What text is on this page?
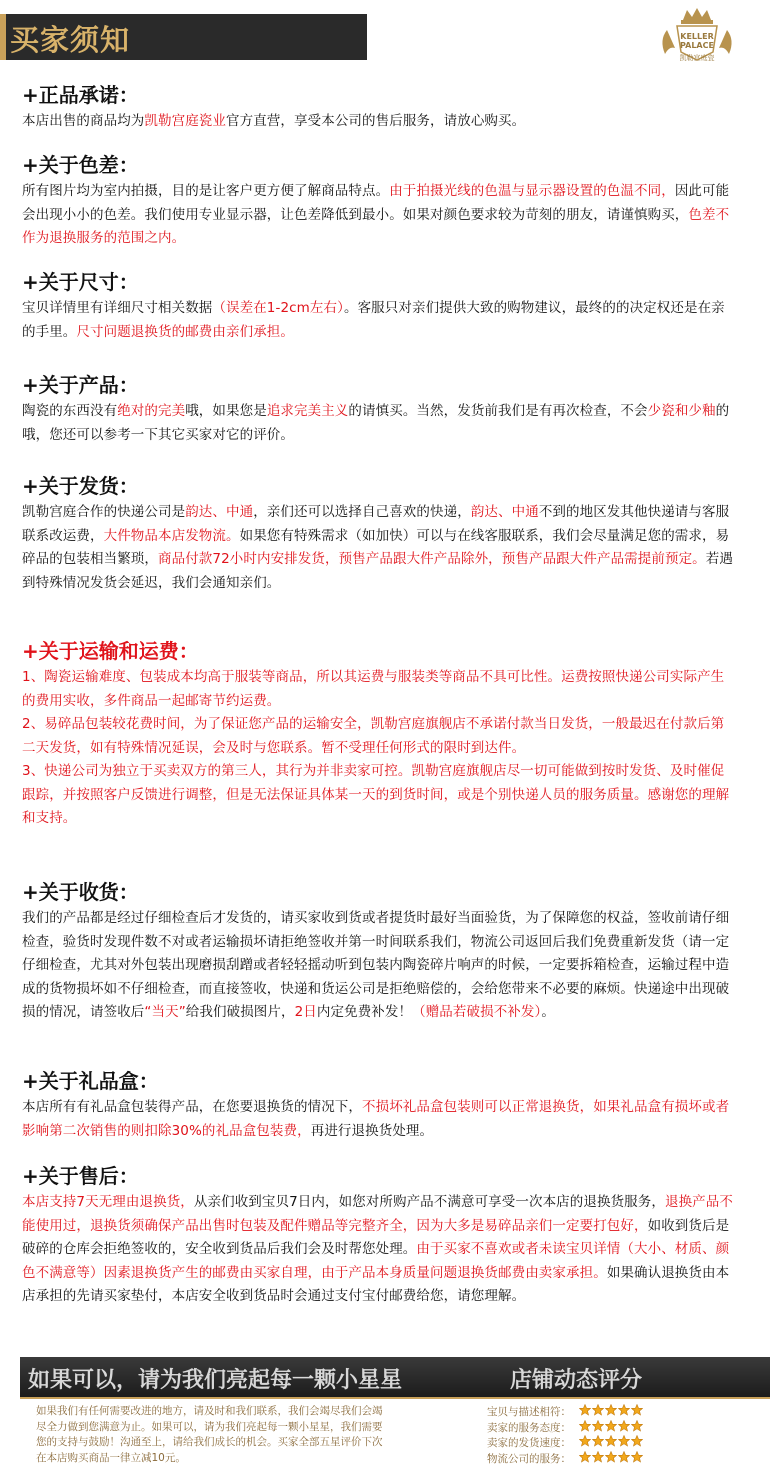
买家须知	KELLER PALACE
凯勒宫庭瓷
+正品承诺：
本店出售的商品均为凯勒宫庭瓷业官方直营，享受本公司的售后服务，请放心购买。
+关于色差：
所有图片均为室内拍摄，目的是让客户更方便了解商品特点。由于拍摄光线的色温与显示器设置的色温不同，因此可能会出现小小的色差。我们使用专业显示器，让色差降低到最小。如果对颜色要求较为苛刻的朋友，请谨慎购买，色差不作为退换服务的范围之内。
+关于尺寸：
宝贝详情里有详细尺寸相关数据（误差在1-2cm左右）。客服只对亲们提供大致的购物建议，最终的的决定权还是在亲的手里。尺寸问题退换货的邮费由亲们承担。
+关于产品：
陶瓷的东西没有绝对的完美哦，如果您是追求完美主义的请慎买。当然，发货前我们是有再次检查，不会少瓷和少釉的哦，您还可以参考一下其它买家对它的评价。
+关于发货：
凯勒宫庭合作的快递公司是韵达、中通，亲们还可以选择自己喜欢的快递，韵达、中通不到的地区发其他快递请与客服联系改运费，大件物品本店发物流。如果您有特殊需求（如加快）可以与在线客服联系，我们会尽量满足您的需求，易碎品的包装相当繁琐，商品付款72小时内安排发货，预售产品跟大件产品除外，预售产品跟大件产品需提前预定。若遇到特殊情况发货会延迟，我们会通知亲们。
+关于运输和运费：
1、陶瓷运输难度、包装成本均高于服装等商品，所以其运费与服装类等商品不具可比性。运费按照快递公司实际产生的费用实收，多件商品一起邮寄节约运费。
2、易碎品包装较花费时间，为了保证您产品的运输安全，凯勒宫庭旗舰店不承诺付款当日发货，一般最迟在付款后第二天发货，如有特殊情况延误，会及时与您联系。暂不受理任何形式的限时到达件。
3、快递公司为独立于买卖双方的第三人，其行为并非卖家可控。凯勒宫庭旗舰店尽一切可能做到按时发货、及时催促跟踪，并按照客户反馈进行调整，但是无法保证具体某一天的到货时间，或是个别快递人员的服务质量。感谢您的理解和支持。
+关于收货：
我们的产品都是经过仔细检查后才发货的，请买家收到货或者提货时最好当面验货，为了保障您的权益，签收前请仔细检查，验货时发现件数不对或者运输损坏请拒绝签收并第一时间联系我们，物流公司返回后我们免费重新发货（请一定仔细检查，尤其对外包装出现磨损刮蹭或者轻轻摇动听到包装内陶瓷碎片响声的时候，一定要拆箱检查，运输过程中造成的货物损坏如不仔细检查，而直接签收，快递和货运公司是拒绝赔偿的，会给您带来不必要的麻烦。快递途中出现破损的情况，请签收后“当天”给我们破损图片，2日内定免费补发！（赠品若破损不补发）。
+关于礼品盒：
本店所有有礼品盒包装得产品，在您要退换货的情况下，不损坏礼品盒包装则可以正常退换货，如果礼品盒有损坏或者影响第二次销售的则扣除30%的礼品盒包装费，再进行退换货处理。
+关于售后：
本店支持7天无理由退换货，从亲们收到宝贝7日内，如您对所购产品不满意可享受一次本店的退换货服务，退换产品不能使用过，退换货须确保产品出售时包装及配件赠品等完整齐全，因为大多是易碎品亲们一定要打包好，如收到货后是破碎的仓库会拒绝签收的，安全收到货品后我们会及时帮您处理。由于买家不喜欢或者未读宝贝详情（大小、材质、颜色不满意等）因素退换货产生的邮费由买家自理，由于产品本身质量问题退换货邮费由卖家承担。如果确认退换货由本店承担的先请买家垫付，本店安全收到货品时会通过支付宝付邮费给您，请您理解。
如果可以，请为我们亮起每一颗小星星	店铺动态评分
如果我们有任何需要改进的地方，请及时和我们联系，我们会竭尽我们会竭尽全力做到您满意为止。如果可以，请为我们亮起每一颗小星星，我们需要您的支持与鼓励！沟通至上，请给我们成长的机会。买家全部五星评价下次在本店购买商品一律立减10元。
宝贝与描述相符：
卖家的服务态度：
卖家的发货速度：
物流公司的服务：
